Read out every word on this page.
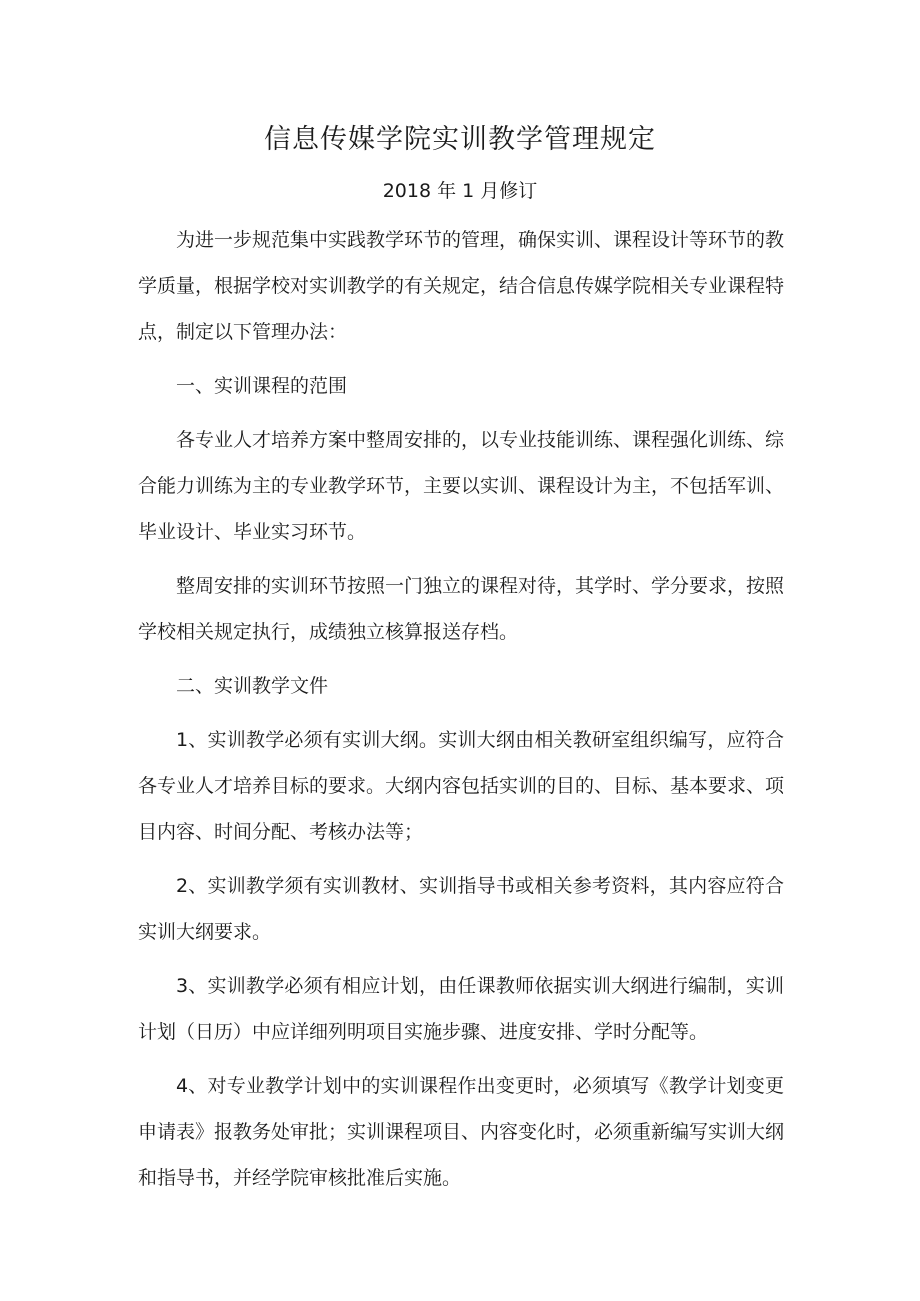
信息传媒学院实训教学管理规定
2018 年 1 月修订

为进一步规范集中实践教学环节的管理，确保实训、课程设计等环节的教学质量，根据学校对实训教学的有关规定，结合信息传媒学院相关专业课程特点，制定以下管理办法：

一、实训课程的范围

各专业人才培养方案中整周安排的，以专业技能训练、课程强化训练、综合能力训练为主的专业教学环节，主要以实训、课程设计为主，不包括军训、毕业设计、毕业实习环节。

整周安排的实训环节按照一门独立的课程对待，其学时、学分要求，按照学校相关规定执行，成绩独立核算报送存档。

二、实训教学文件

1、实训教学必须有实训大纲。实训大纲由相关教研室组织编写，应符合各专业人才培养目标的要求。大纲内容包括实训的目的、目标、基本要求、项目内容、时间分配、考核办法等；

2、实训教学须有实训教材、实训指导书或相关参考资料，其内容应符合实训大纲要求。

3、实训教学必须有相应计划，由任课教师依据实训大纲进行编制，实训计划（日历）中应详细列明项目实施步骤、进度安排、学时分配等。

4、对专业教学计划中的实训课程作出变更时，必须填写《教学计划变更申请表》报教务处审批；实训课程项目、内容变化时，必须重新编写实训大纲和指导书，并经学院审核批准后实施。
